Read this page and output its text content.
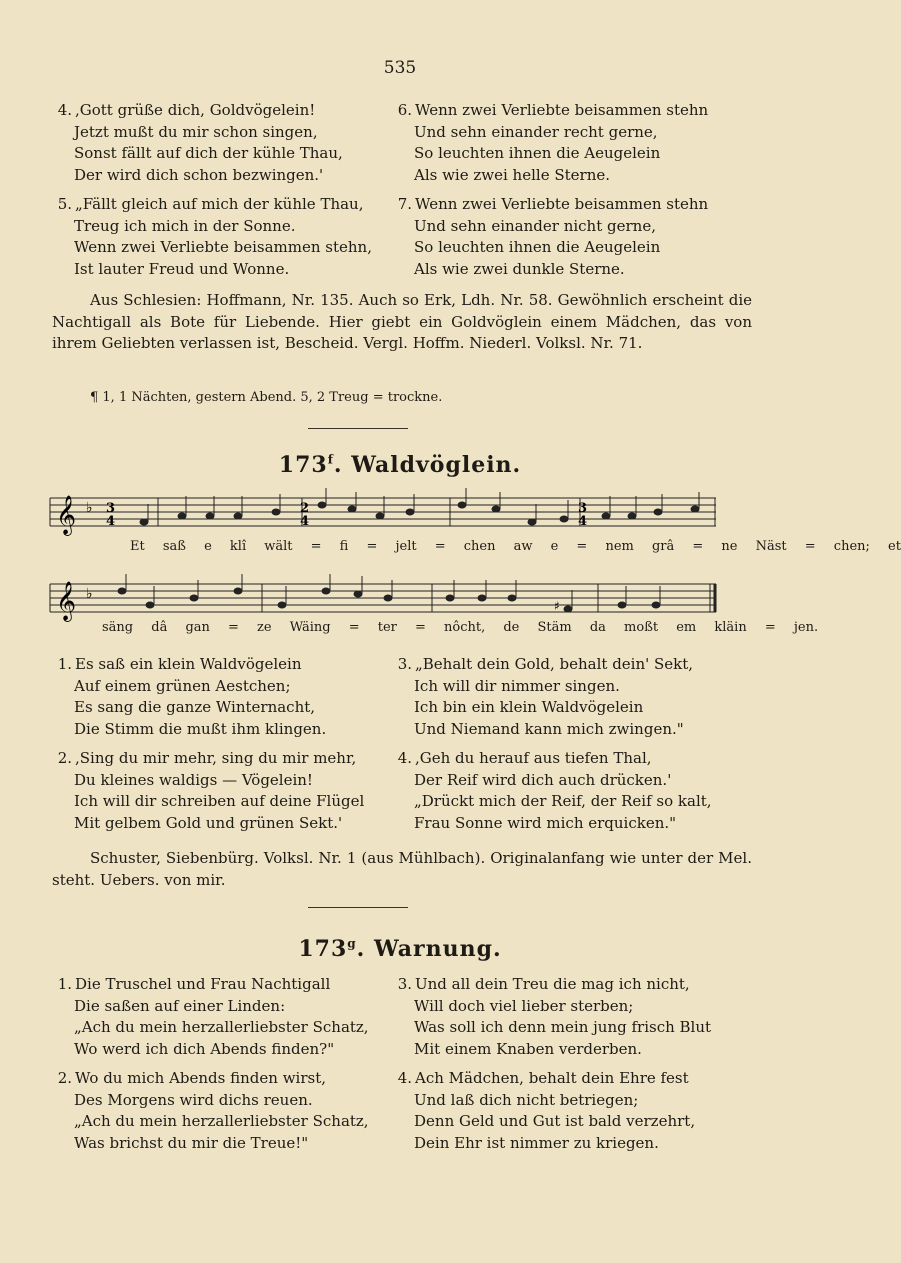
535
4. ,Gott grüße dich, Goldvögelein!
Jetzt mußt du mir schon singen,
Sonst fällt auf dich der kühle Thau,
Der wird dich schon bezwingen.'
5. „Fällt gleich auf mich der kühle Thau,
Treug ich mich in der Sonne.
Wenn zwei Verliebte beisammen stehn,
Ist lauter Freud und Wonne.
6. Wenn zwei Verliebte beisammen stehn
Und sehn einander recht gerne,
So leuchten ihnen die Aeugelein
Als wie zwei helle Sterne.
7. Wenn zwei Verliebte beisammen stehn
Und sehn einander nicht gerne,
So leuchten ihnen die Aeugelein
Als wie zwei dunkle Sterne.
Aus Schlesien: Hoffmann, Nr. 135. Auch so Erk, Ldh. Nr. 58. Gewöhnlich erscheint die Nachtigall als Bote für Liebende. Hier giebt ein Goldvöglein einem Mädchen, das von ihrem Geliebten verlassen ist, Bescheid. Vergl. Hoffm. Niederl. Volksl. Nr. 71.
¶ 1, 1 Nächten, gestern Abend. 5, 2 Treug = trockne.
173$^f$. Waldvöglein.
𝄞 ♭ 3
4
2
4
3
4
Et saß e klî wält = fi = jelt = chen aw e = nem grâ = ne Näst = chen; et
𝄞 ♭
♯
säng dâ gan = ze Wäing = ter = nôcht, de Stäm da moßt em kläin = jen.
1. Es saß ein klein Waldvögelein
Auf einem grünen Aestchen;
Es sang die ganze Winternacht,
Die Stimm die mußt ihm klingen.
2. ,Sing du mir mehr, sing du mir mehr,
Du kleines waldigs — Vögelein!
Ich will dir schreiben auf deine Flügel
Mit gelbem Gold und grünen Sekt.'
3. „Behalt dein Gold, behalt dein' Sekt,
Ich will dir nimmer singen.
Ich bin ein klein Waldvögelein
Und Niemand kann mich zwingen."
4. ,Geh du herauf aus tiefen Thal,
Der Reif wird dich auch drücken.'
„Drückt mich der Reif, der Reif so kalt,
Frau Sonne wird mich erquicken."
Schuster, Siebenbürg. Volksl. Nr. 1 (aus Mühlbach). Originalanfang wie unter der Mel. steht. Uebers. von mir.
173$^g$. Warnung.
1. Die Truschel und Frau Nachtigall
Die saßen auf einer Linden:
„Ach du mein herzallerliebster Schatz,
Wo werd ich dich Abends finden?"
2. Wo du mich Abends finden wirst,
Des Morgens wird dichs reuen.
„Ach du mein herzallerliebster Schatz,
Was brichst du mir die Treue!"
3. Und all dein Treu die mag ich nicht,
Will doch viel lieber sterben;
Was soll ich denn mein jung frisch Blut
Mit einem Knaben verderben.
4. Ach Mädchen, behalt dein Ehre fest
Und laß dich nicht betriegen;
Denn Geld und Gut ist bald verzehrt,
Dein Ehr ist nimmer zu kriegen.
